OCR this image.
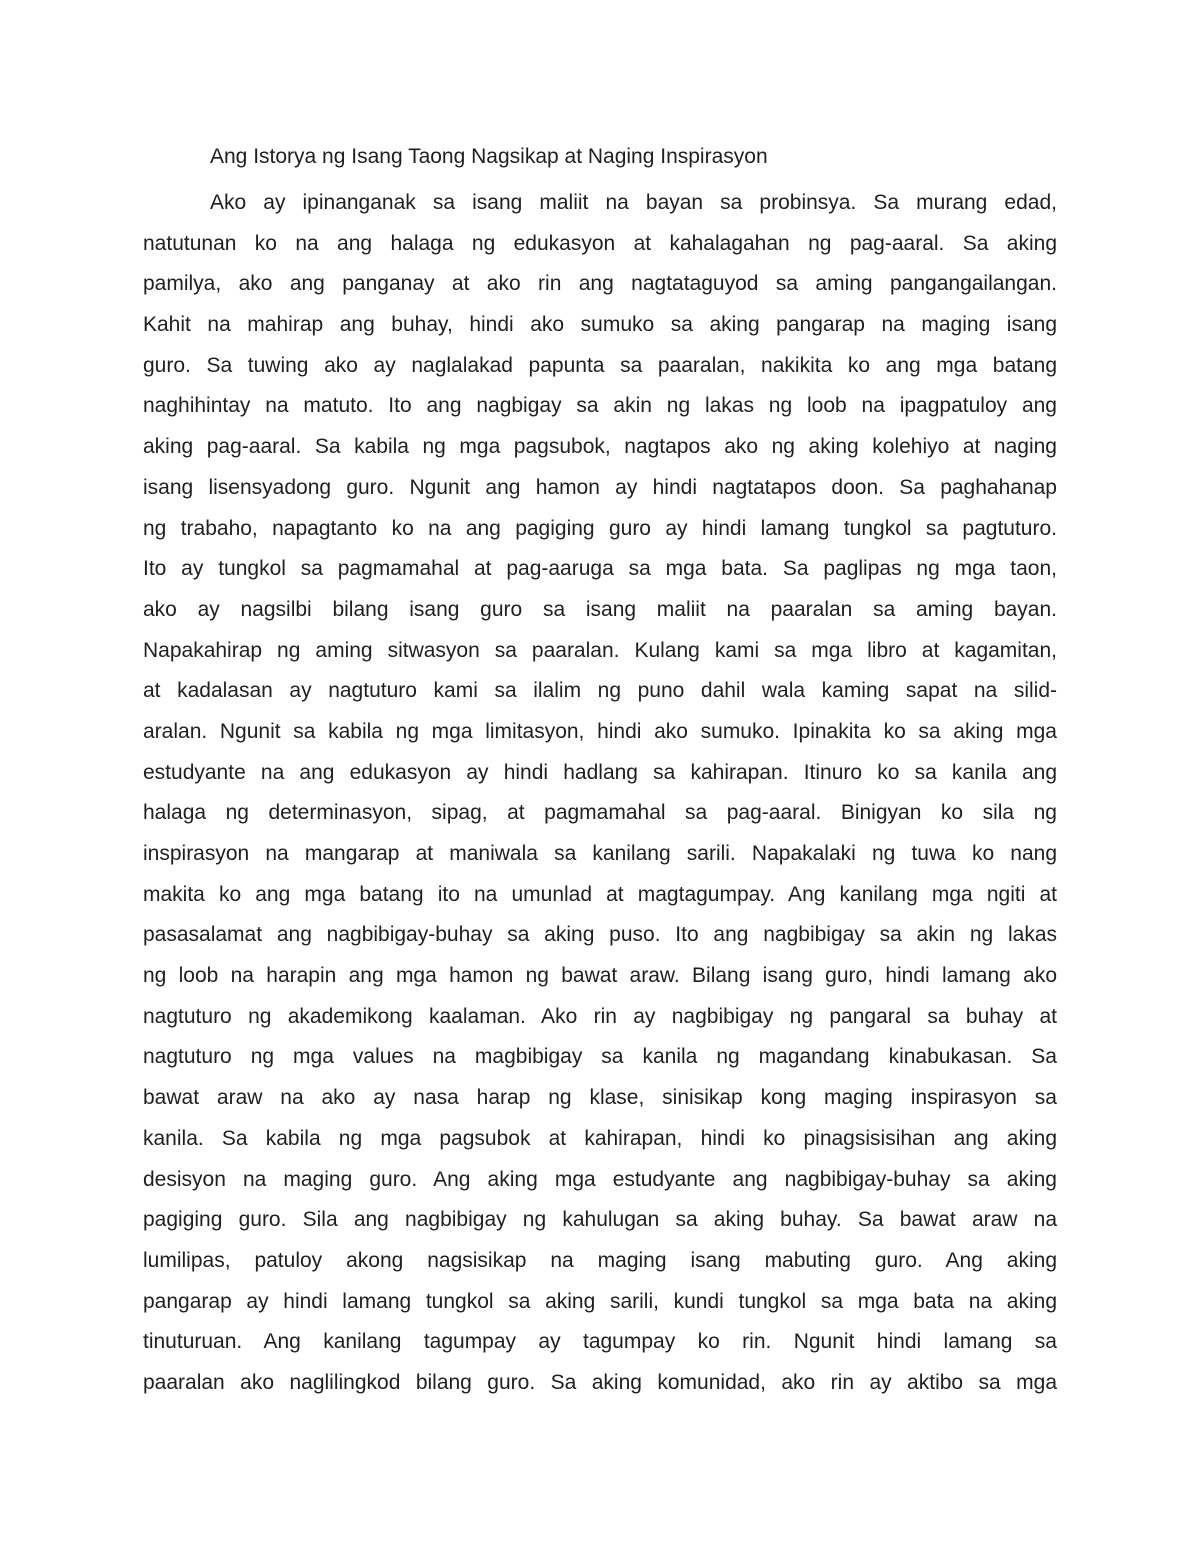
Ang Istorya ng Isang Taong Nagsikap at Naging Inspirasyon
Ako ay ipinanganak sa isang maliit na bayan sa probinsya. Sa murang edad,
natutunan ko na ang halaga ng edukasyon at kahalagahan ng pag-aaral. Sa aking
pamilya, ako ang panganay at ako rin ang nagtataguyod sa aming pangangailangan.
Kahit na mahirap ang buhay, hindi ako sumuko sa aking pangarap na maging isang
guro. Sa tuwing ako ay naglalakad papunta sa paaralan, nakikita ko ang mga batang
naghihintay na matuto. Ito ang nagbigay sa akin ng lakas ng loob na ipagpatuloy ang
aking pag-aaral. Sa kabila ng mga pagsubok, nagtapos ako ng aking kolehiyo at naging
isang lisensyadong guro. Ngunit ang hamon ay hindi nagtatapos doon. Sa paghahanap
ng trabaho, napagtanto ko na ang pagiging guro ay hindi lamang tungkol sa pagtuturo.
Ito ay tungkol sa pagmamahal at pag-aaruga sa mga bata. Sa paglipas ng mga taon,
ako ay nagsilbi bilang isang guro sa isang maliit na paaralan sa aming bayan.
Napakahirap ng aming sitwasyon sa paaralan. Kulang kami sa mga libro at kagamitan,
at kadalasan ay nagtuturo kami sa ilalim ng puno dahil wala kaming sapat na silid-
aralan. Ngunit sa kabila ng mga limitasyon, hindi ako sumuko. Ipinakita ko sa aking mga
estudyante na ang edukasyon ay hindi hadlang sa kahirapan. Itinuro ko sa kanila ang
halaga ng determinasyon, sipag, at pagmamahal sa pag-aaral. Binigyan ko sila ng
inspirasyon na mangarap at maniwala sa kanilang sarili. Napakalaki ng tuwa ko nang
makita ko ang mga batang ito na umunlad at magtagumpay. Ang kanilang mga ngiti at
pasasalamat ang nagbibigay-buhay sa aking puso. Ito ang nagbibigay sa akin ng lakas
ng loob na harapin ang mga hamon ng bawat araw. Bilang isang guro, hindi lamang ako
nagtuturo ng akademikong kaalaman. Ako rin ay nagbibigay ng pangaral sa buhay at
nagtuturo ng mga values na magbibigay sa kanila ng magandang kinabukasan. Sa
bawat araw na ako ay nasa harap ng klase, sinisikap kong maging inspirasyon sa
kanila. Sa kabila ng mga pagsubok at kahirapan, hindi ko pinagsisisihan ang aking
desisyon na maging guro. Ang aking mga estudyante ang nagbibigay-buhay sa aking
pagiging guro. Sila ang nagbibigay ng kahulugan sa aking buhay. Sa bawat araw na
lumilipas, patuloy akong nagsisikap na maging isang mabuting guro. Ang aking
pangarap ay hindi lamang tungkol sa aking sarili, kundi tungkol sa mga bata na aking
tinuturuan. Ang kanilang tagumpay ay tagumpay ko rin. Ngunit hindi lamang sa
paaralan ako naglilingkod bilang guro. Sa aking komunidad, ako rin ay aktibo sa mga
